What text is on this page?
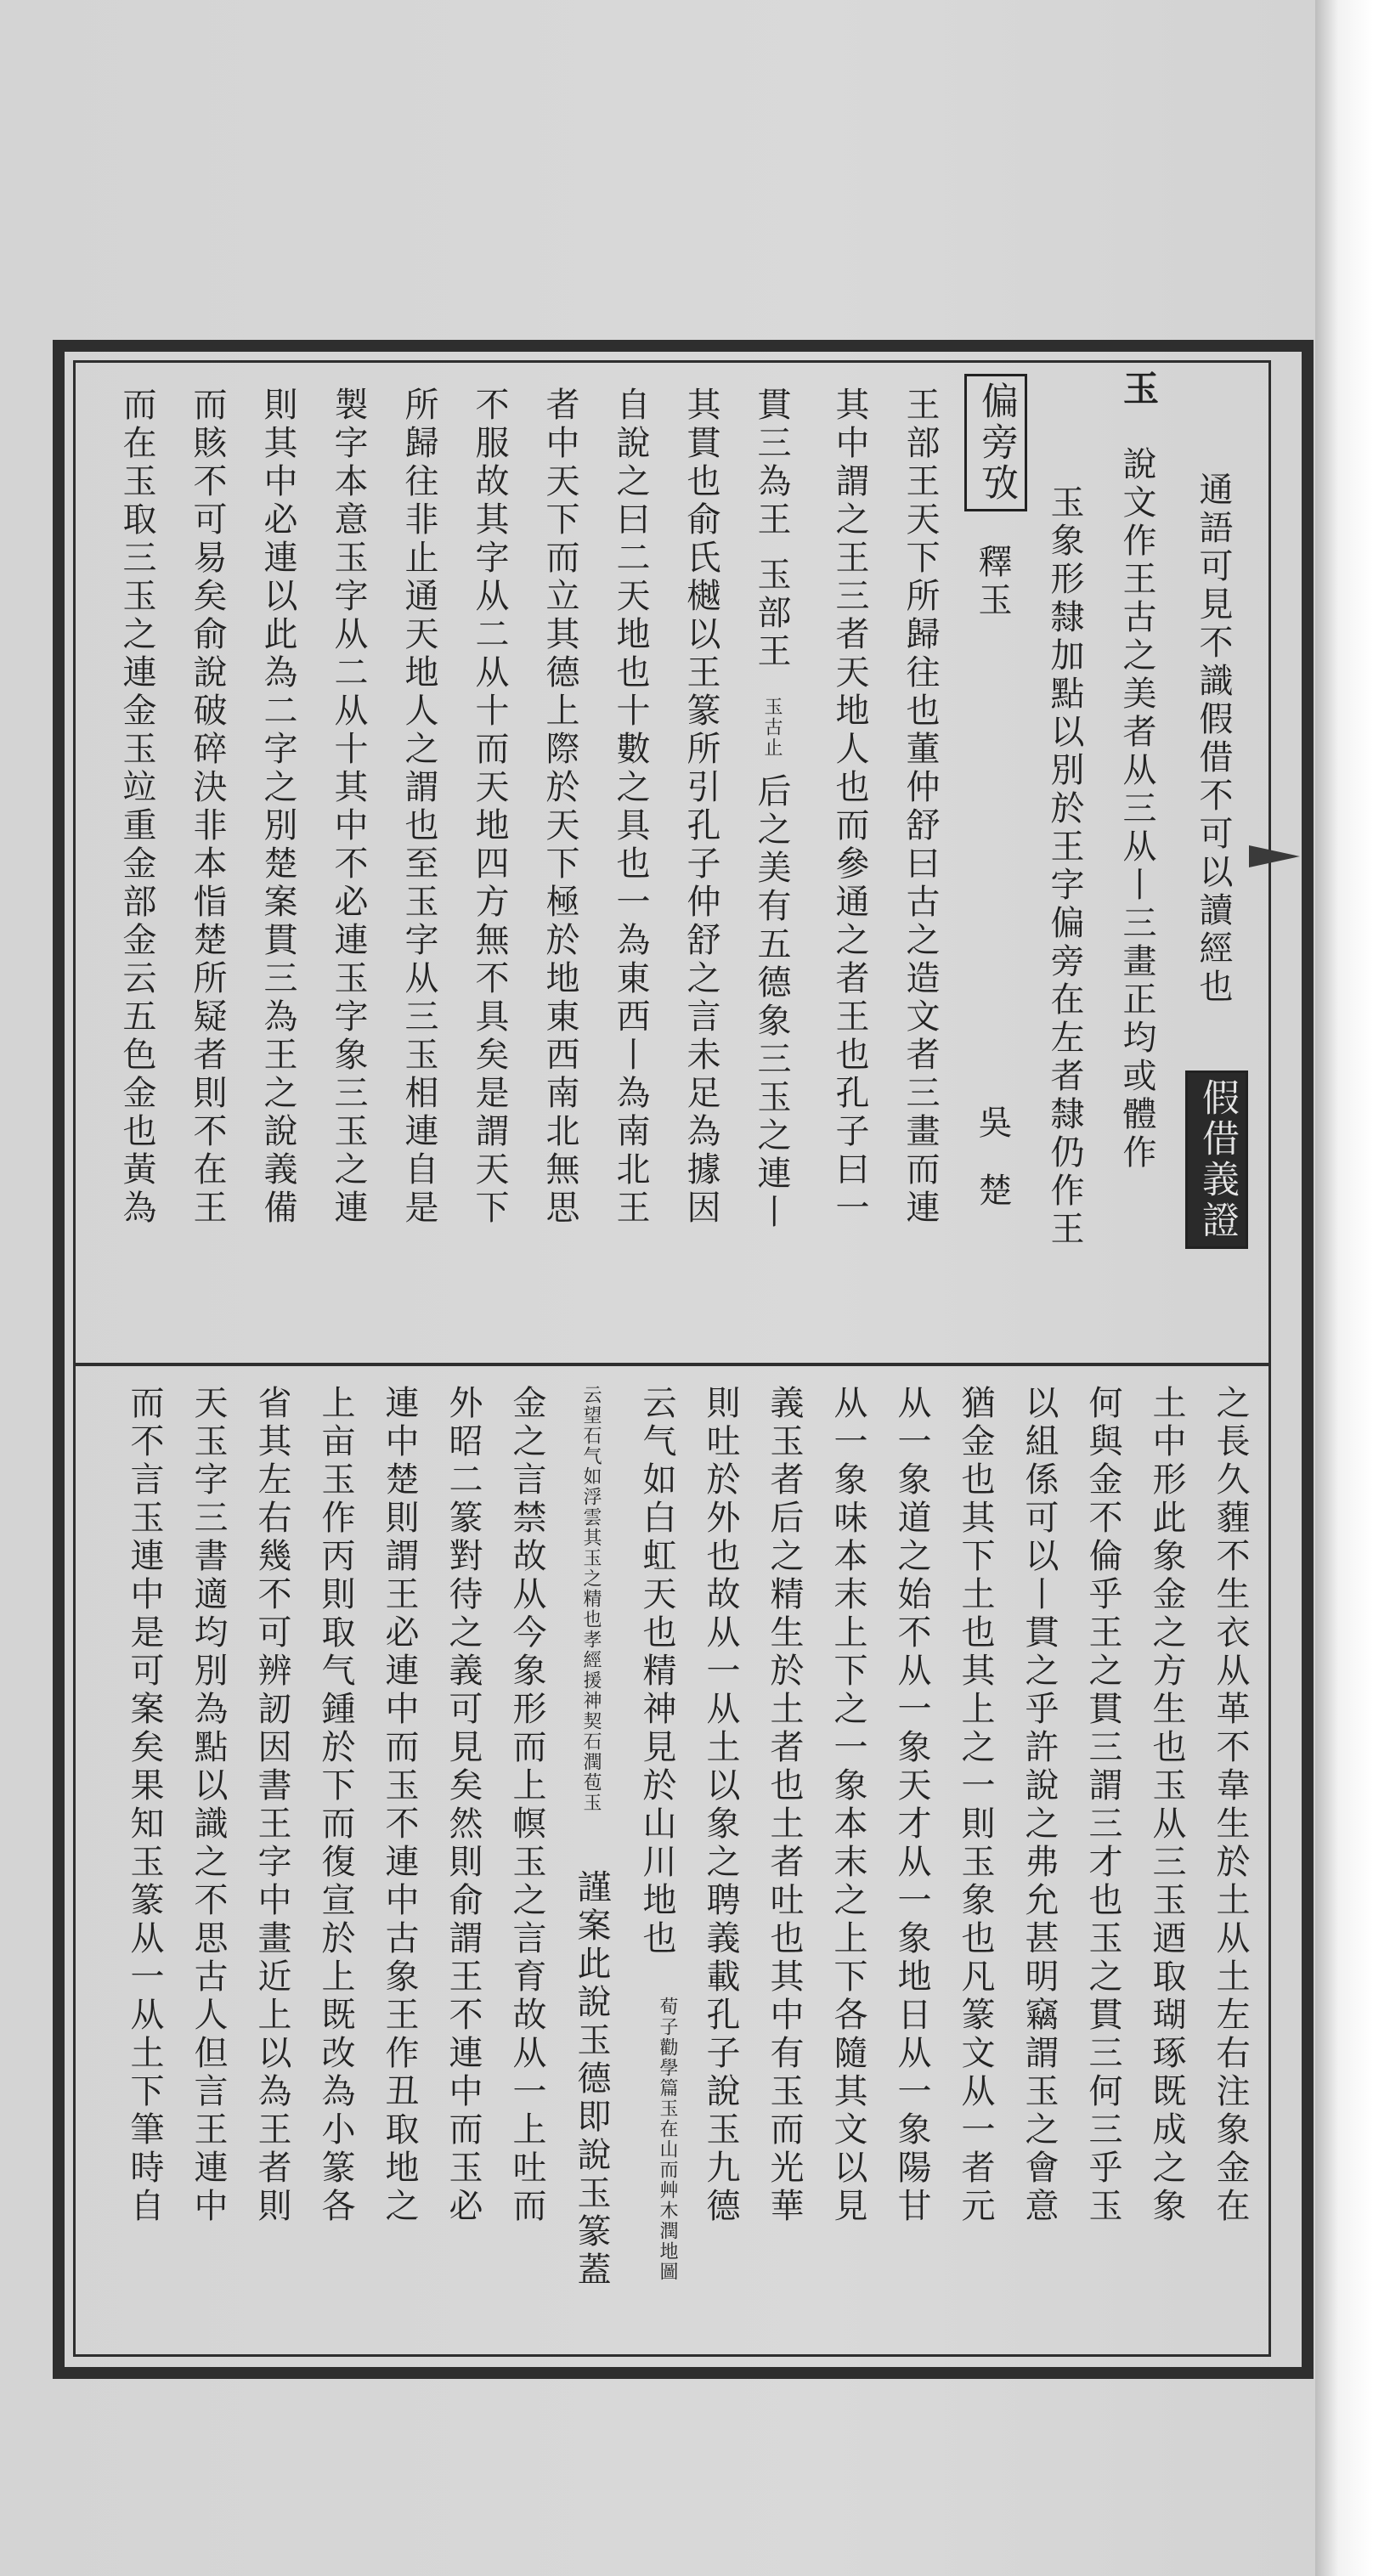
通語可見不識假借不可以讀經也
假借義證
玉
說文作王古之美者从三从丨三畫正均或體作
玉象形隸加點以別於王字偏旁在左者隸仍作王
偏旁攷
釋玉
吳楚
王部王天下所歸往也董仲舒曰古之造文者三畫而連
其中謂之王三者天地人也而參通之者王也孔子曰一
貫三為王
玉部王
玉古止
后之美有五德象三玉之連丨
其貫也俞氏樾以王篆所引孔子仲舒之言未足為據因
自說之曰二天地也十數之具也一為東西丨為南北王
者中天下而立其德上際於天下極於地東西南北無思
不服故其字从二从十而天地四方無不具矣是謂天下
所歸往非止通天地人之謂也至玉字从三玉相連自是
製字本意玉字从二从十其中不必連玉字象三玉之連
則其中必連以此為二字之別楚案貫三為王之說義備
而賅不可易矣俞說破碎決非本恉楚所疑者則不在王
而在玉取三玉之連金玉竝重金部金云五色金也黃為
之長久薶不生衣从革不韋生於土从土左右注象金在
土中形此象金之方生也玉从三玉迺取瑚琢既成之象
何與金不倫乎王之貫三謂三才也玉之貫三何三乎玉
以組係可以丨貫之乎許說之弗允甚明竊謂玉之會意
猶金也其下土也其上之一則玉象也凡篆文从一者元
从一象道之始不从一象天才从一象地日从一象陽甘
从一象味本末上下之一象本末之上下各隨其文以見
義玉者后之精生於土者也土者吐也其中有玉而光華
則吐於外也故从一从土以象之聘義載孔子說玉九德
云气如白虹天也精神見於山川地也
荀子勸學篇玉在山而艸木潤地圖
云望石气如浮雲其玉之精也孝經援神契石潤苞玉
謹案此說玉德即說玉篆蓋
金之言禁故从今象形而上幎玉之言育故从一上吐而
外昭二篆對待之義可見矣然則俞謂王不連中而玉必
連中楚則謂王必連中而玉不連中古象王作丑取地之
上亩玉作丙則取气鍾於下而復宣於上既改為小篆各
省其左右幾不可辨訒因書王字中畫近上以為王者則
天玉字三書適均別為點以識之不思古人但言王連中
而不言玉連中是可案矣果知玉篆从一从土下筆時自
